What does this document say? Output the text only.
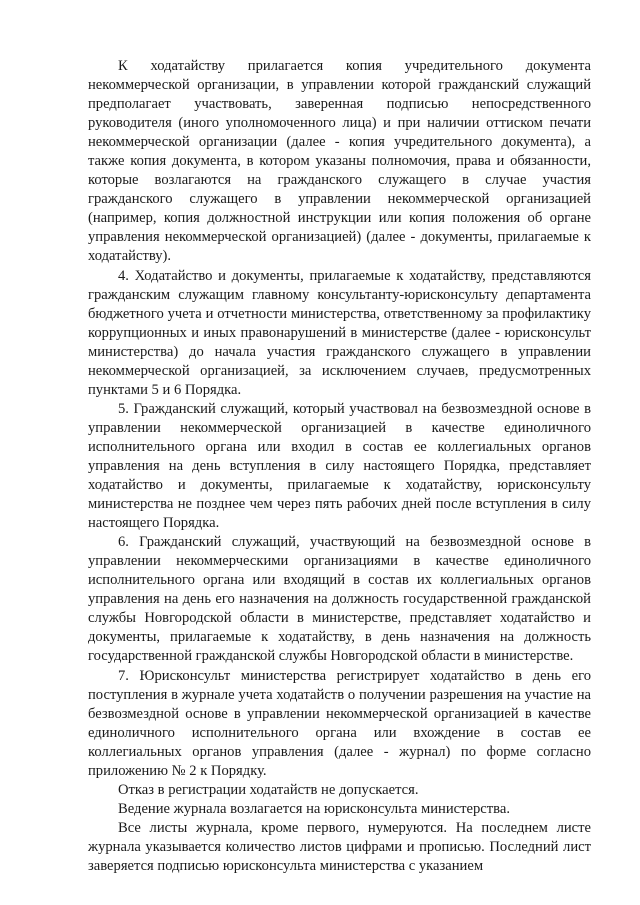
К ходатайству прилагается копия учредительного документа некоммерческой организации, в управлении которой гражданский служащий предполагает участвовать, заверенная подписью непосредственного руководителя (иного уполномоченного лица) и при наличии оттиском печати некоммерческой организации (далее - копия учредительного документа), а также копия документа, в котором указаны полномочия, права и обязанности, которые возлагаются на гражданского служащего в случае участия гражданского служащего в управлении некоммерческой организацией (например, копия должностной инструкции или копия положения об органе управления некоммерческой организацией) (далее - документы, прилагаемые к ходатайству).

4. Ходатайство и документы, прилагаемые к ходатайству, представляются гражданским служащим главному консультанту-юрисконсульту департамента бюджетного учета и отчетности министерства, ответственному за профилактику коррупционных и иных правонарушений в министерстве (далее - юрисконсульт министерства) до начала участия гражданского служащего в управлении некоммерческой организацией, за исключением случаев, предусмотренных пунктами 5 и 6 Порядка.

5. Гражданский служащий, который участвовал на безвозмездной основе в управлении некоммерческой организацией в качестве единоличного исполнительного органа или входил в состав ее коллегиальных органов управления на день вступления в силу настоящего Порядка, представляет ходатайство и документы, прилагаемые к ходатайству, юрисконсульту министерства не позднее чем через пять рабочих дней после вступления в силу настоящего Порядка.

6. Гражданский служащий, участвующий на безвозмездной основе в управлении некоммерческими организациями в качестве единоличного исполнительного органа или входящий в состав их коллегиальных органов управления на день его назначения на должность государственной гражданской службы Новгородской области в министерстве, представляет ходатайство и документы, прилагаемые к ходатайству, в день назначения на должность государственной гражданской службы Новгородской области в министерстве.

7. Юрисконсульт министерства регистрирует ходатайство в день его поступления в журнале учета ходатайств о получении разрешения на участие на безвозмездной основе в управлении некоммерческой организацией в качестве единоличного исполнительного органа или вхождение в состав ее коллегиальных органов управления (далее - журнал) по форме согласно приложению № 2 к Порядку.

Отказ в регистрации ходатайств не допускается.

Ведение журнала возлагается на юрисконсульта министерства.

Все листы журнала, кроме первого, нумеруются. На последнем листе журнала указывается количество листов цифрами и прописью. Последний лист заверяется подписью юрисконсульта министерства с указанием
